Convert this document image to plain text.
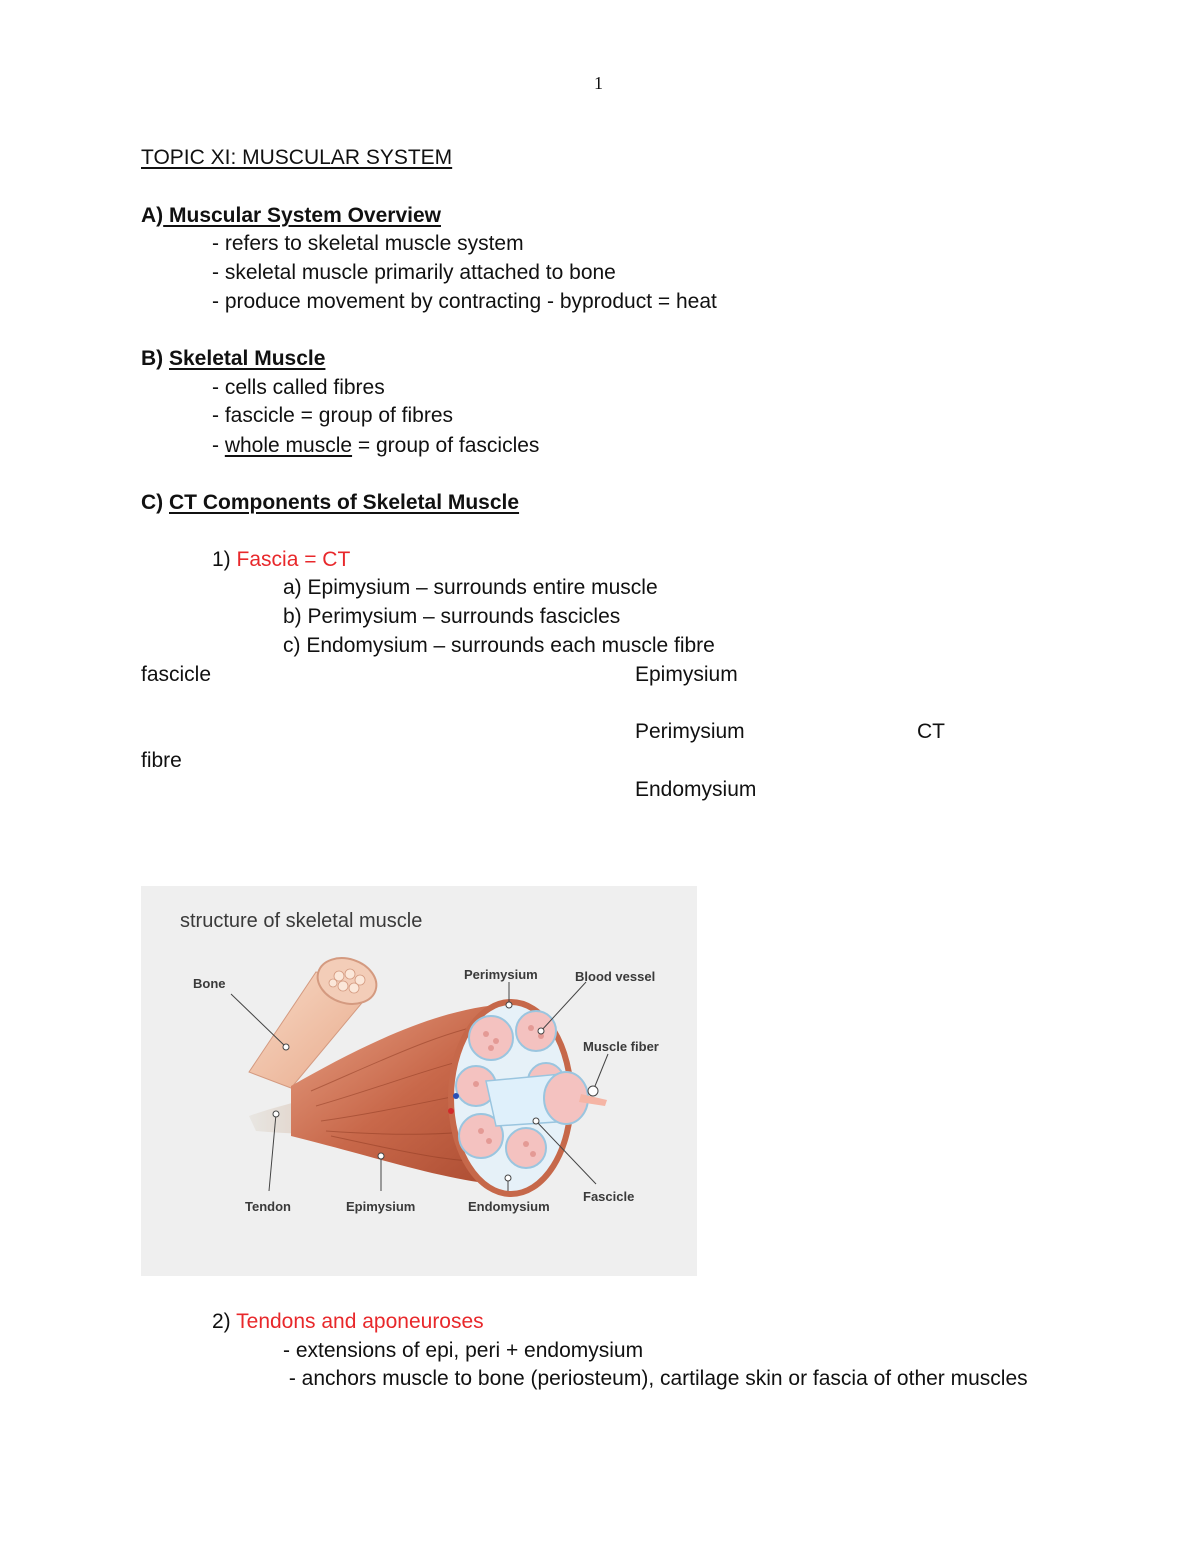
1
TOPIC XI: MUSCULAR SYSTEM
A) Muscular System Overview
- refers to skeletal muscle system
- skeletal muscle primarily attached to bone
- produce movement by contracting - byproduct = heat
B) Skeletal Muscle
- cells called fibres
- fascicle = group of fibres
- whole muscle = group of fascicles
C) CT Components of Skeletal Muscle
1) Fascia = CT
a) Epimysium – surrounds entire muscle
b) Perimysium – surrounds fascicles
c) Endomysium – surrounds each muscle fibre
fascicle	Epimysium
Perimysium	CT
fibre
Endomysium
structure of skeletal muscle
Bone
Perimysium	Blood vessel
Muscle fiber
Tendon	Epimysium	Endomysium
Fascicle
2) Tendons and aponeuroses
- extensions of epi, peri + endomysium
- anchors muscle to bone (periosteum), cartilage skin or fascia of other muscles
